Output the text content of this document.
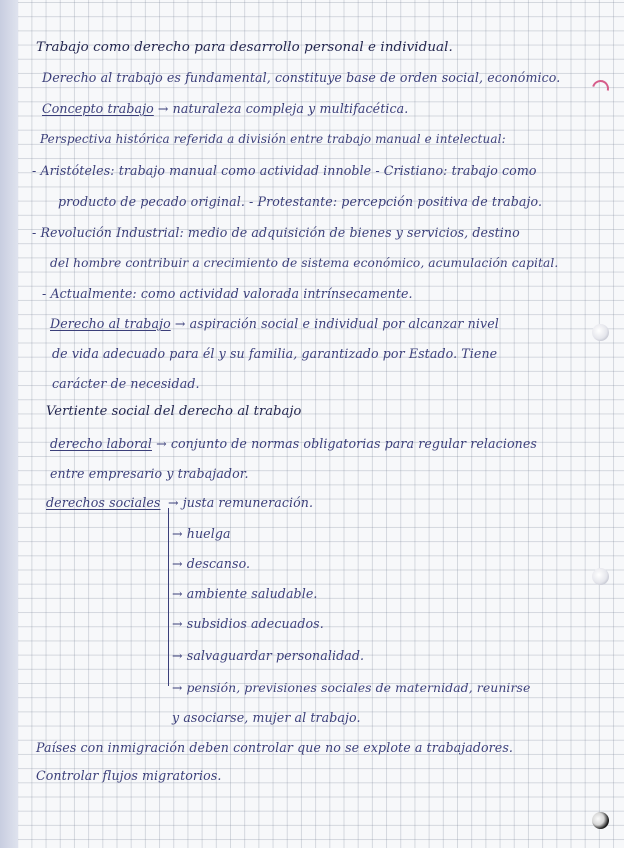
Trabajo como derecho para desarrollo personal e individual.
Derecho al trabajo es fundamental, constituye base de orden social, económico.
Concepto trabajo → naturaleza compleja y multifacética.
Perspectiva histórica referida a división entre trabajo manual e intelectual:
- Aristóteles: trabajo manual como actividad innoble - Cristiano: trabajo como
producto de pecado original. - Protestante: percepción positiva de trabajo.
- Revolución Industrial: medio de adquisición de bienes y servicios, destino
del hombre contribuir a crecimiento de sistema económico, acumulación capital.
- Actualmente: como actividad valorada intrínsecamente.
Derecho al trabajo → aspiración social e individual por alcanzar nivel
de vida adecuado para él y su familia, garantizado por Estado. Tiene
carácter de necesidad.
Vertiente social del derecho al trabajo
derecho laboral → conjunto de normas obligatorias para regular relaciones
entre empresario y trabajador.
derechos sociales → justa remuneración.
→ huelga
→ descanso.
→ ambiente saludable.
→ subsidios adecuados.
→ salvaguardar personalidad.
→ pensión, previsiones sociales de maternidad, reunirse
y asociarse, mujer al trabajo.
Países con inmigración deben controlar que no se explote a trabajadores.
Controlar flujos migratorios.
